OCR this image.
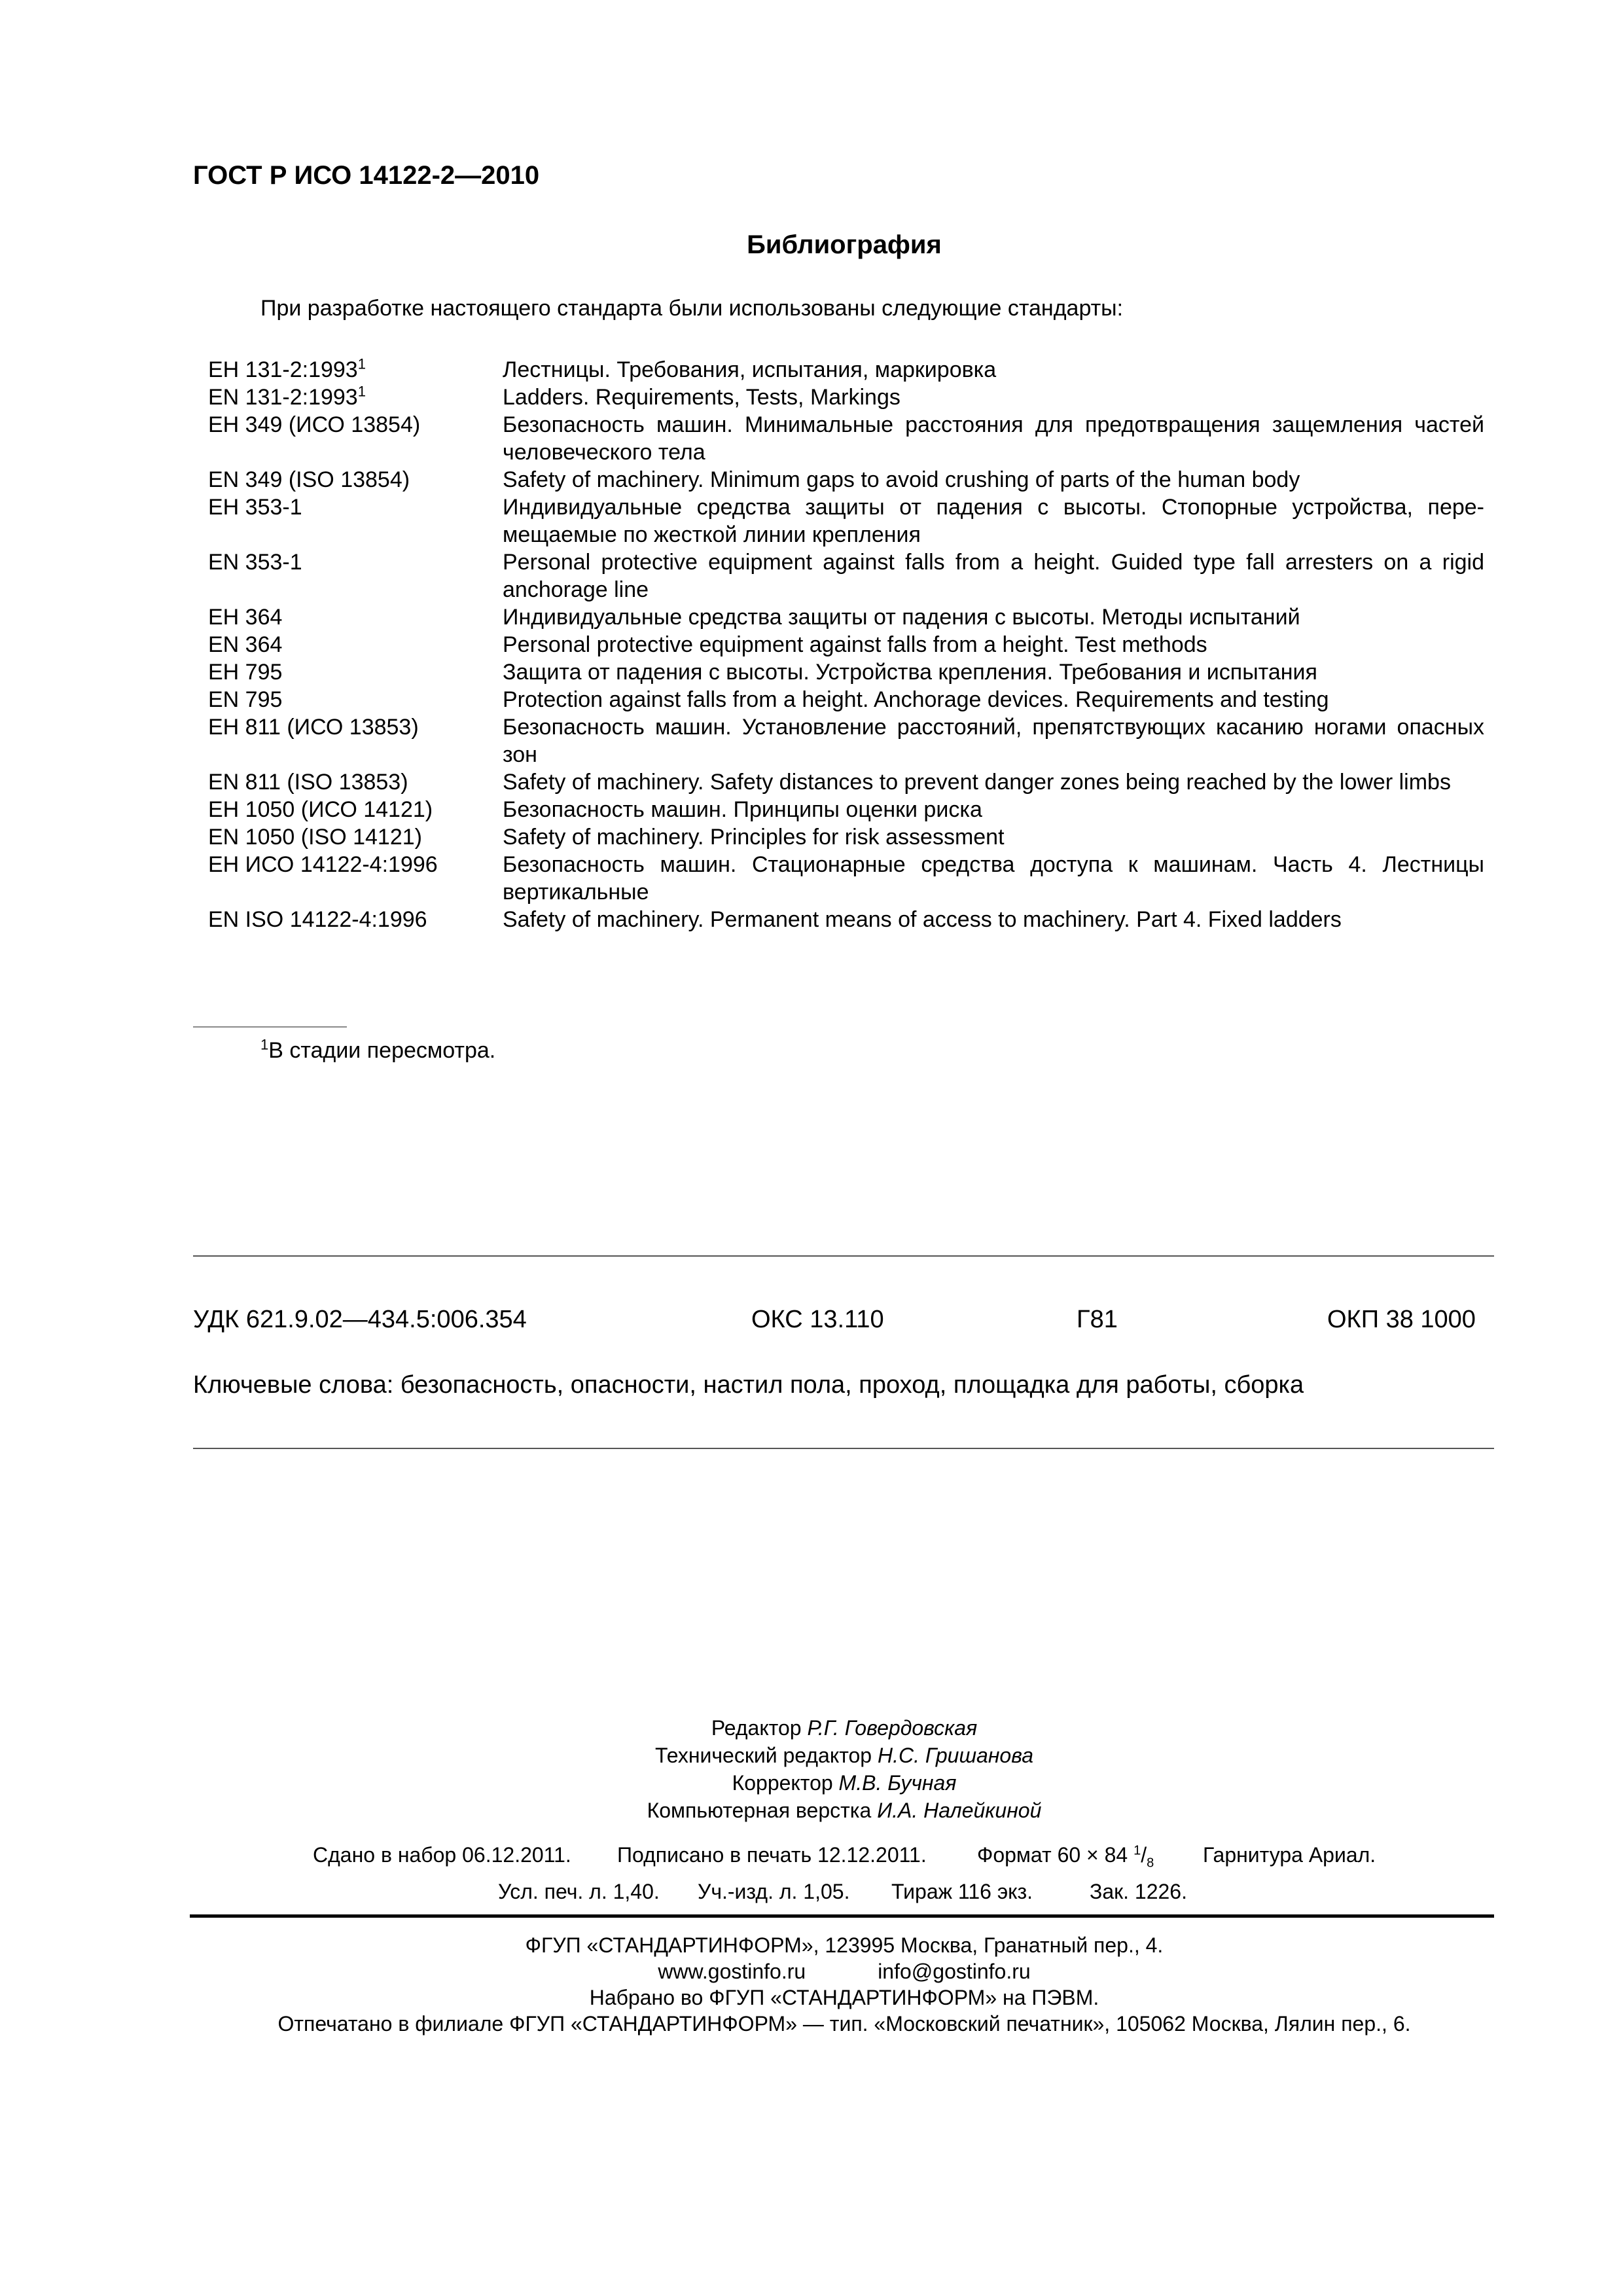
ГОСТ Р ИСО 14122-2—2010
Библиография
При разработке настоящего стандарта были использованы следующие стандарты:
ЕН 131-2:1993$^1$	Лестницы. Требования, испытания, маркировка
EN 131-2:1993$^1$	Ladders. Requirements, Tests, Markings
ЕН 349 (ИСО 13854)	Безопасность машин. Минимальные расстояния для предотвращения защемления частей человеческого тела
EN 349 (ISO 13854)	Safety of machinery. Minimum gaps to avoid crushing of parts of the human body
ЕН 353-1	Индивидуальные средства защиты от падения с высоты. Стопорные устройства, пере-мещаемые по жесткой линии крепления
EN 353-1	Personal protective equipment against falls from a height. Guided type fall arresters on a rigid anchorage line
ЕН 364	Индивидуальные средства защиты от падения с высоты. Методы испытаний
EN 364	Personal protective equipment against falls from a height. Test methods
ЕН 795	Защита от падения с высоты. Устройства крепления. Требования и испытания
EN 795	Protection against falls from a height. Anchorage devices. Requirements and testing
ЕН 811 (ИСО 13853)	Безопасность машин. Установление расстояний, препятствующих касанию ногами опасных зон
EN 811 (ISO 13853)	Safety of machinery. Safety distances to prevent danger zones being reached by the lower limbs
ЕН 1050 (ИСО 14121)	Безопасность машин. Принципы оценки риска
EN 1050 (ISO 14121)	Safety of machinery. Principles for risk assessment
ЕН ИСО 14122-4:1996	Безопасность машин. Стационарные средства доступа к машинам. Часть 4. Лестницы вертикальные
EN ISO 14122-4:1996	Safety of machinery. Permanent means of access to machinery. Part 4. Fixed ladders
$^1$В стадии пересмотра.
УДК 621.9.02—434.5:006.354	ОКС 13.110	Г81	ОКП 38 1000
Ключевые слова: безопасность, опасности, настил пола, проход, площадка для работы, сборка
Редактор Р.Г. Говердовская
Технический редактор Н.С. Гришанова
Корректор М.В. Бучная
Компьютерная верстка И.А. Налейкиной
Сдано в набор 06.12.2011. Подписано в печать 12.12.2011. Формат 60 × 84 $^1/_8$ Гарнитура Ариал.
Усл. печ. л. 1,40. Уч.-изд. л. 1,05. Тираж 116 экз.	Зак. 1226.
ФГУП «СТАНДАРТИНФОРМ», 123995 Москва, Гранатный пер., 4.
www.gostinfo.ru	info@gostinfo.ru
Набрано во ФГУП «СТАНДАРТИНФОРМ» на ПЭВМ.
Отпечатано в филиале ФГУП «СТАНДАРТИНФОРМ» — тип. «Московский печатник», 105062 Москва, Лялин пер., 6.
